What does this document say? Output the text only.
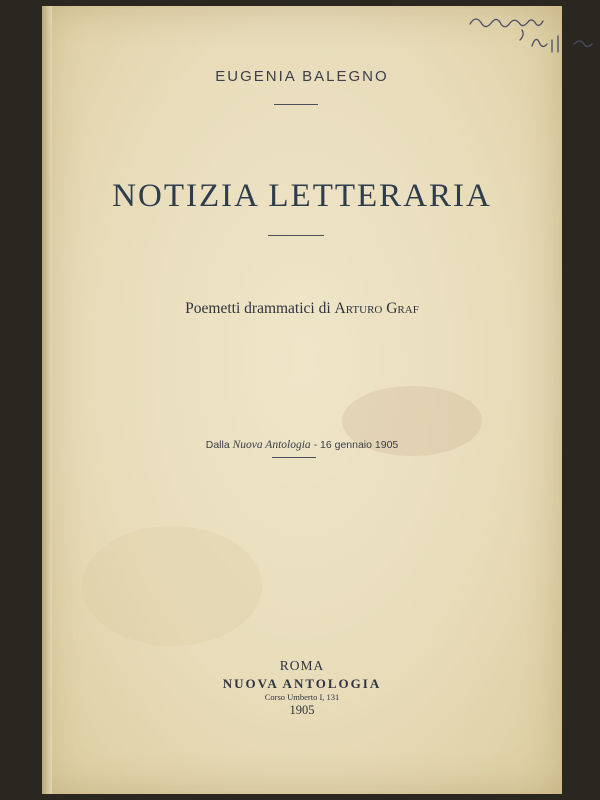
EUGENIA BALEGNO
NOTIZIA LETTERARIA
Poemetti drammatici di Arturo Graf
Dalla Nuova Antologia - 16 gennaio 1905
ROMA
NUOVA ANTOLOGIA
Corso Umberto I, 131
1905
